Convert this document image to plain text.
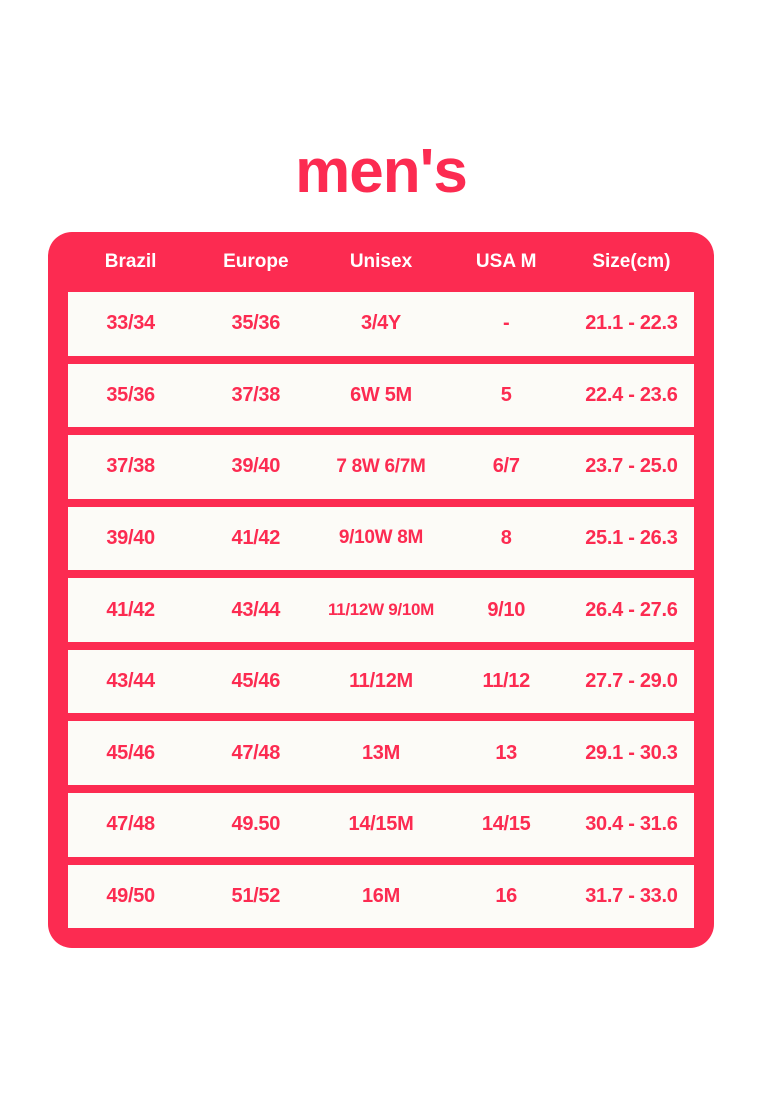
men's
Brazil	Europe	Unisex	USA M	Size(cm)
33/34	35/36	3/4Y	-	21.1 - 22.3
35/36	37/38	6W 5M	5	22.4 - 23.6
37/38	39/40	7 8W 6/7M	6/7	23.7 - 25.0
39/40	41/42	9/10W 8M	8	25.1 - 26.3
41/42	43/44	11/12W 9/10M	9/10	26.4 - 27.6
43/44	45/46	11/12M	11/12	27.7 - 29.0
45/46	47/48	13M	13	29.1 - 30.3
47/48	49.50	14/15M	14/15	30.4 - 31.6
49/50	51/52	16M	16	31.7 - 33.0
